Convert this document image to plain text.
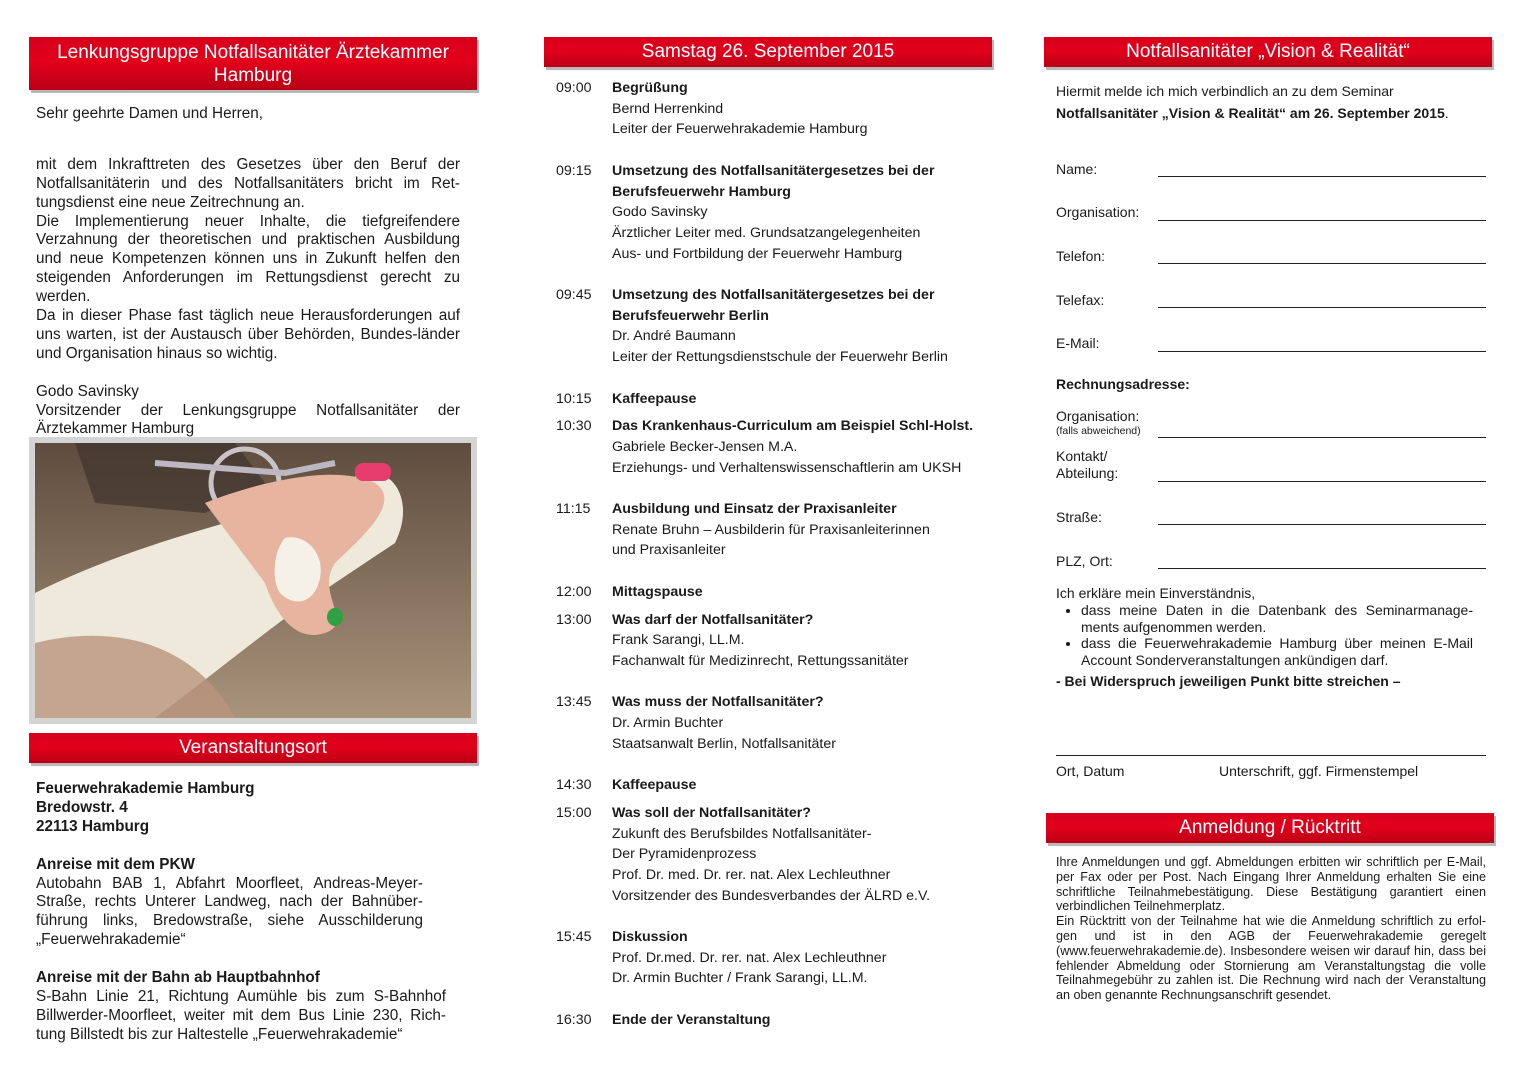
Lenkungsgruppe Notfallsanitäter Ärztekammer Hamburg

Sehr geehrte Damen und Herren,

mit dem Inkrafttreten des Gesetzes über den Beruf der Notfallsanitäterin und des Notfallsanitäters bricht im Ret-tungsdienst eine neue Zeitrechnung an.

Die Implementierung neuer Inhalte, die tiefgreifendere Verzahnung der theoretischen und praktischen Ausbildung und neue Kompetenzen können uns in Zukunft helfen den steigenden Anforderungen im Rettungsdienst gerecht zu werden.

Da in dieser Phase fast täglich neue Herausforderungen auf uns warten, ist der Austausch über Behörden, Bundes-länder und Organisation hinaus so wichtig.

Godo Savinsky

Vorsitzender der Lenkungsgruppe Notfallsanitäter der Ärztekammer Hamburg

Veranstaltungsort

Feuerwehrakademie Hamburg

Bredowstr. 4

22113 Hamburg

Anreise mit dem PKW

Autobahn BAB 1, Abfahrt Moorfleet, Andreas-Meyer-Straße, rechts Unterer Landweg, nach der Bahnüber-führung links, Bredowstraße, siehe Ausschilderung „Feuerwehrakademie“

Anreise mit der Bahn ab Hauptbahnhof

S-Bahn Linie 21, Richtung Aumühle bis zum S-Bahnhof Billwerder-Moorfleet, weiter mit dem Bus Linie 230, Rich-tung Billstedt bis zur Haltestelle „Feuerwehrakademie“

Samstag 26. September 2015
09:00	Begrüßung
Bernd Herrenkind
Leiter der Feuerwehrakademie Hamburg
09:15	Umsetzung des Notfallsanitätergesetzes bei der Berufsfeuerwehr Hamburg
Godo Savinsky
Ärztlicher Leiter med. Grundsatzangelegenheiten
Aus- und Fortbildung der Feuerwehr Hamburg
09:45	Umsetzung des Notfallsanitätergesetzes bei der Berufsfeuerwehr Berlin
Dr. André Baumann
Leiter der Rettungsdienstschule der Feuerwehr Berlin
10:15	Kaffeepause
10:30	Das Krankenhaus-Curriculum am Beispiel Schl-Holst.
Gabriele Becker-Jensen M.A.
Erziehungs- und Verhaltenswissenschaftlerin am UKSH
11:15	Ausbildung und Einsatz der Praxisanleiter
Renate Bruhn – Ausbilderin für Praxisanleiterinnen
und Praxisanleiter
12:00	Mittagspause
13:00	Was darf der Notfallsanitäter?
Frank Sarangi, LL.M.
Fachanwalt für Medizinrecht, Rettungssanitäter
13:45	Was muss der Notfallsanitäter?
Dr. Armin Buchter
Staatsanwalt Berlin, Notfallsanitäter
14:30	Kaffeepause
15:00	Was soll der Notfallsanitäter?
Zukunft des Berufsbildes Notfallsanitäter-
Der Pyramidenprozess
Prof. Dr. med. Dr. rer. nat. Alex Lechleuthner
Vorsitzender des Bundesverbandes der ÄLRD e.V.
15:45	Diskussion
Prof. Dr.med. Dr. rer. nat. Alex Lechleuthner
Dr. Armin Buchter / Frank Sarangi, LL.M.
16:30	Ende der Veranstaltung
Notfallsanitäter „Vision & Realität“

Hiermit melde ich mich verbindlich an zu dem Seminar

Notfallsanitäter „Vision & Realität“ am 26. September 2015.

Name:
Organisation:
Telefon:
Telefax:
E-Mail:
Rechnungsadresse:
Organisation:
(falls abweichend)
Kontakt/
Abteilung:
Straße:
PLZ, Ort:

Ich erkläre mein Einverständnis,

• dass meine Daten in die Datenbank des Seminarmanage-ments aufgenommen werden.
• dass die Feuerwehrakademie Hamburg über meinen E-Mail Account Sonderveranstaltungen ankündigen darf.

- Bei Widerspruch jeweiligen Punkt bitte streichen –

Ort, Datum	Unterschrift, ggf. Firmenstempel
Anmeldung / Rücktritt

Ihre Anmeldungen und ggf. Abmeldungen erbitten wir schriftlich per E-Mail, per Fax oder per Post. Nach Eingang Ihrer Anmeldung erhalten Sie eine schriftliche Teilnahmebestätigung. Diese Bestätigung garantiert einen verbindlichen Teilnehmerplatz.

Ein Rücktritt von der Teilnahme hat wie die Anmeldung schriftlich zu erfol-gen und ist in den AGB der Feuerwehrakademie geregelt (www.feuerwehrakademie.de). Insbesondere weisen wir darauf hin, dass bei fehlender Abmeldung oder Stornierung am Veranstaltungstag die volle Teilnahmegebühr zu zahlen ist. Die Rechnung wird nach der Veranstaltung an oben genannte Rechnungsanschrift gesendet.
